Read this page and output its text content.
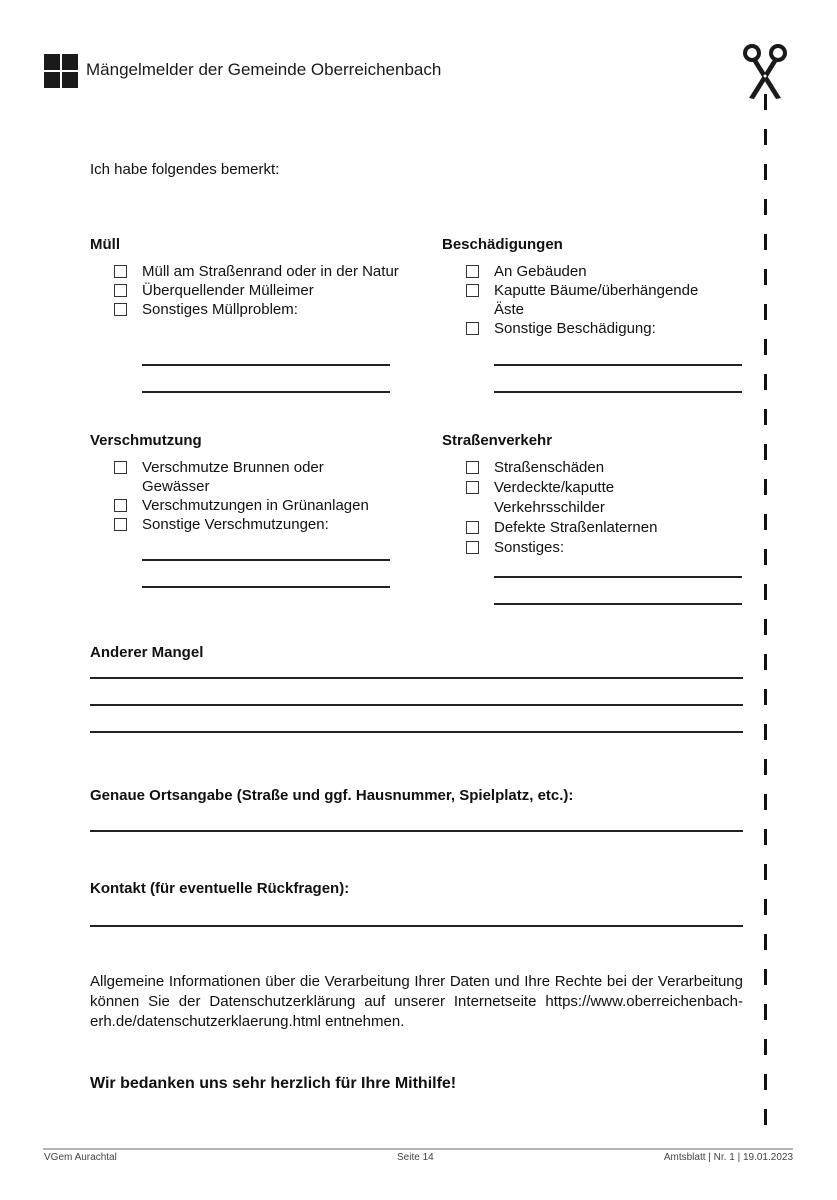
Mängelmelder der Gemeinde Oberreichenbach
Ich habe folgendes bemerkt:
Müll
Müll am Straßenrand oder in der Natur
Überquellender Mülleimer
Sonstiges Müllproblem:
Beschädigungen
An Gebäuden
Kaputte Bäume/überhängende Äste
Sonstige Beschädigung:
Verschmutzung
Verschmutze Brunnen oder Gewässer
Verschmutzungen in Grünanlagen
Sonstige Verschmutzungen:
Straßenverkehr
Straßenschäden
Verdeckte/kaputte Verkehrsschilder
Defekte Straßenlaternen
Sonstiges:
Anderer Mangel
Genaue Ortsangabe (Straße und ggf. Hausnummer, Spielplatz, etc.):
Kontakt (für eventuelle Rückfragen):
Allgemeine Informationen über die Verarbeitung Ihrer Daten und Ihre Rechte bei der Verarbeitung können Sie der Datenschutzerklärung auf unserer Internetseite https://www.oberreichenbach-erh.de/datenschutzerklaerung.html entnehmen.
Wir bedanken uns sehr herzlich für Ihre Mithilfe!
VGem Aurachtal	Seite 14	Amtsblatt | Nr. 1 | 19.01.2023
